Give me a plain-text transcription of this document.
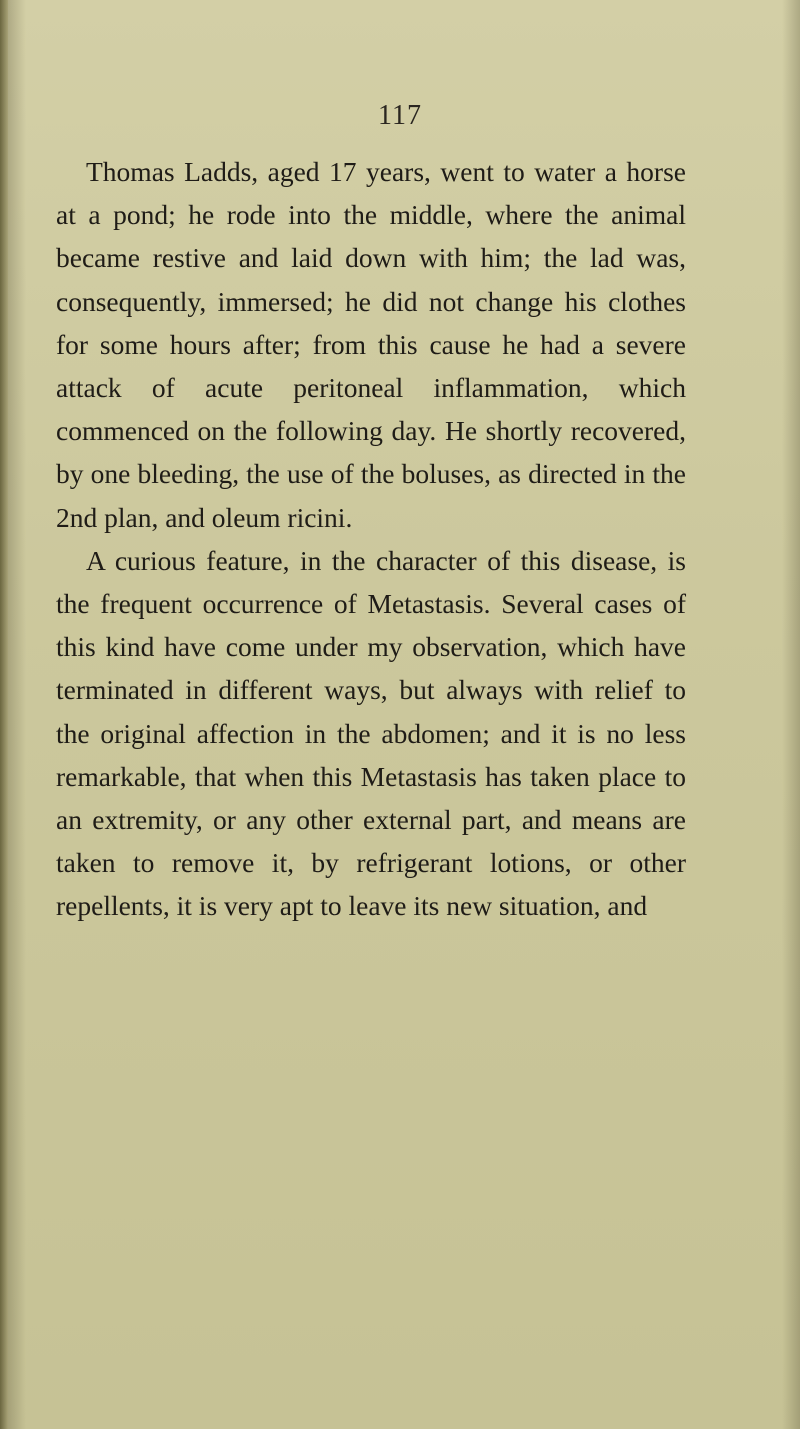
117

Thomas Ladds, aged 17 years, went to water a horse at a pond; he rode into the middle, where the animal became restive and laid down with him; the lad was, consequently, immersed; he did not change his clothes for some hours after; from this cause he had a severe attack of acute peritoneal inflammation, which commenced on the following day. He shortly recovered, by one bleeding, the use of the boluses, as directed in the 2nd plan, and oleum ricini.

A curious feature, in the character of this disease, is the frequent occurrence of Metastasis. Several cases of this kind have come under my observation, which have terminated in different ways, but always with relief to the original affection in the abdomen; and it is no less remarkable, that when this Metastasis has taken place to an extremity, or any other external part, and means are taken to remove it, by refrigerant lotions, or other repellents, it is very apt to leave its new situation, and
